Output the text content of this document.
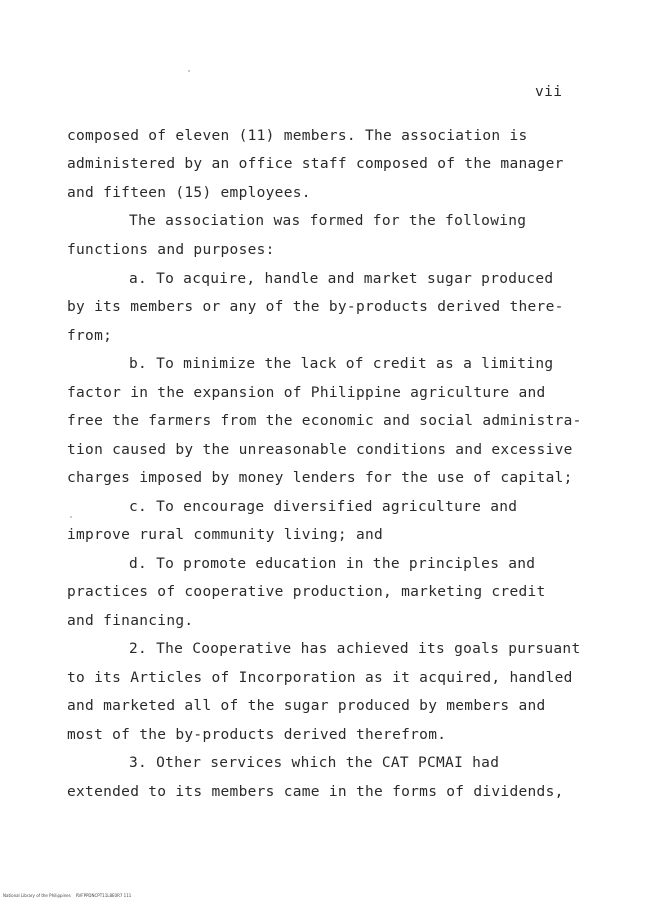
vii
composed of eleven (11) members. The association is
administered by an office staff composed of the manager
and fifteen (15) employees.
The association was formed for the following
functions and purposes:
a. To acquire, handle and market sugar produced
by its members or any of the by-products derived there-
from;
b. To minimize the lack of credit as a limiting
factor in the expansion of Philippine agriculture and
free the farmers from the economic and social administra-
tion caused by the unreasonable conditions and excessive
charges imposed by money lenders for the use of capital;
c. To encourage diversified agriculture and
improve rural community living; and
d. To promote education in the principles and
practices of cooperative production, marketing credit
and financing.
2. The Cooperative has achieved its goals pursuant
to its Articles of Incorporation as it acquired, handled
and marketed all of the sugar produced by members and
most of the by-products derived therefrom.
3. Other services which the CAT PCMAI had
extended to its members came in the forms of dividends,
National Library of the Philippines RVFPPDNCPT11L8E0R7 111
